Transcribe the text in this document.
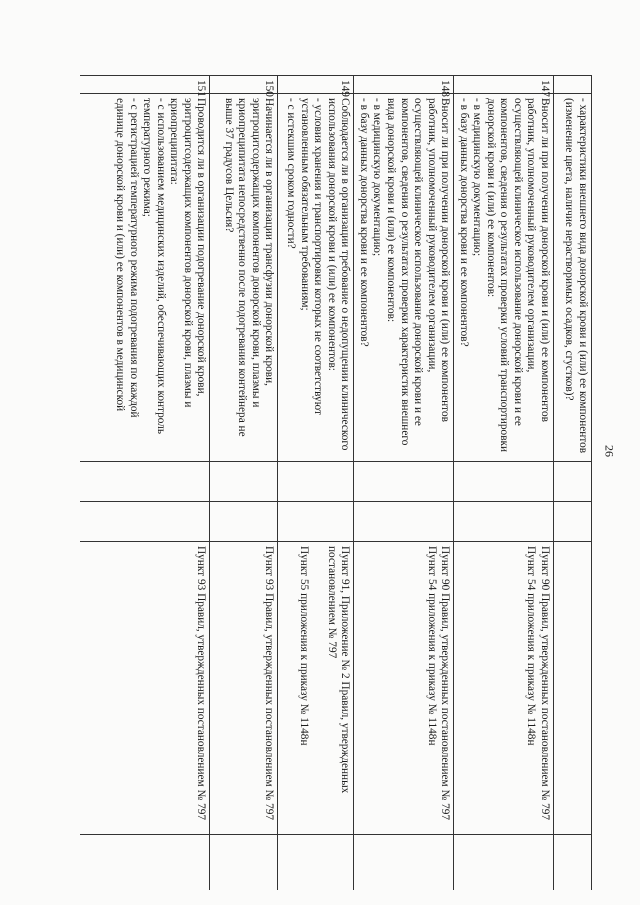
26

	- характеристики внешнего вида донорской крови и (или) ее компонентов (изменение цвета, наличие нерастворимых осадков, сгустков)?				

147	Вносит ли при получении донорской крови и (или) ее компонентов работник, уполномоченный руководителем организации, осуществляющей клиническое использование донорской крови и ее компонентов, сведения о результатах проверки условий транспортировки донорской крови и (или) ее компонентов:
- в медицинскую документацию;
- в базу данных донорства крови и ее компонентов?			Пункт 90 Правил, утвержденных постановлением № 797
Пункт 54 приложения к приказу № 1148н	

148	Вносит ли при получении донорской крови и (или) ее компонентов работник, уполномоченный руководителем организации, осуществляющей клиническое использование донорской крови и ее компонентов, сведения о результатах проверки характеристик внешнего вида донорской крови и (или) ее компонентов:
- в медицинскую документацию;
- в базу данных донорства крови и ее компонентов?			Пункт 90 Правил, утвержденных постановлением № 797
Пункт 54 приложения к приказу № 1148н	

149	Соблюдается ли в организации требование о недопущении клинического использования донорской крови и (или) ее компонентов:
- условия хранения и транспортировки которых не соответствуют установленным обязательным требованиям;
- с истекшим сроком годности?			Пункт 91, Приложение № 2 Правил, утвержденных постановлением № 797
Пункт 55 приложения к приказу № 1148н	

150	Начинается ли в организации трансфузии донорской крови, эритроцитсодержащих компонентов донорской крови, плазмы и криопреципитата непосредственно после подогревания контейнера не выше 37 градусов Цельсия?			Пункт 93 Правил, утвержденных постановлением № 797	

151	Проводится ли в организации подогревание донорской крови, эритроцитсодержащих компонентов донорской крови, плазмы и криопреципитата:
- с использованием медицинских изделий, обеспечивающих контроль температурного режима;
- с регистрацией температурного режима подогревания по каждой единице донорской крови и (или) ее компонентов в медицинской			Пункт 93 Правил, утвержденных постановлением № 797	
